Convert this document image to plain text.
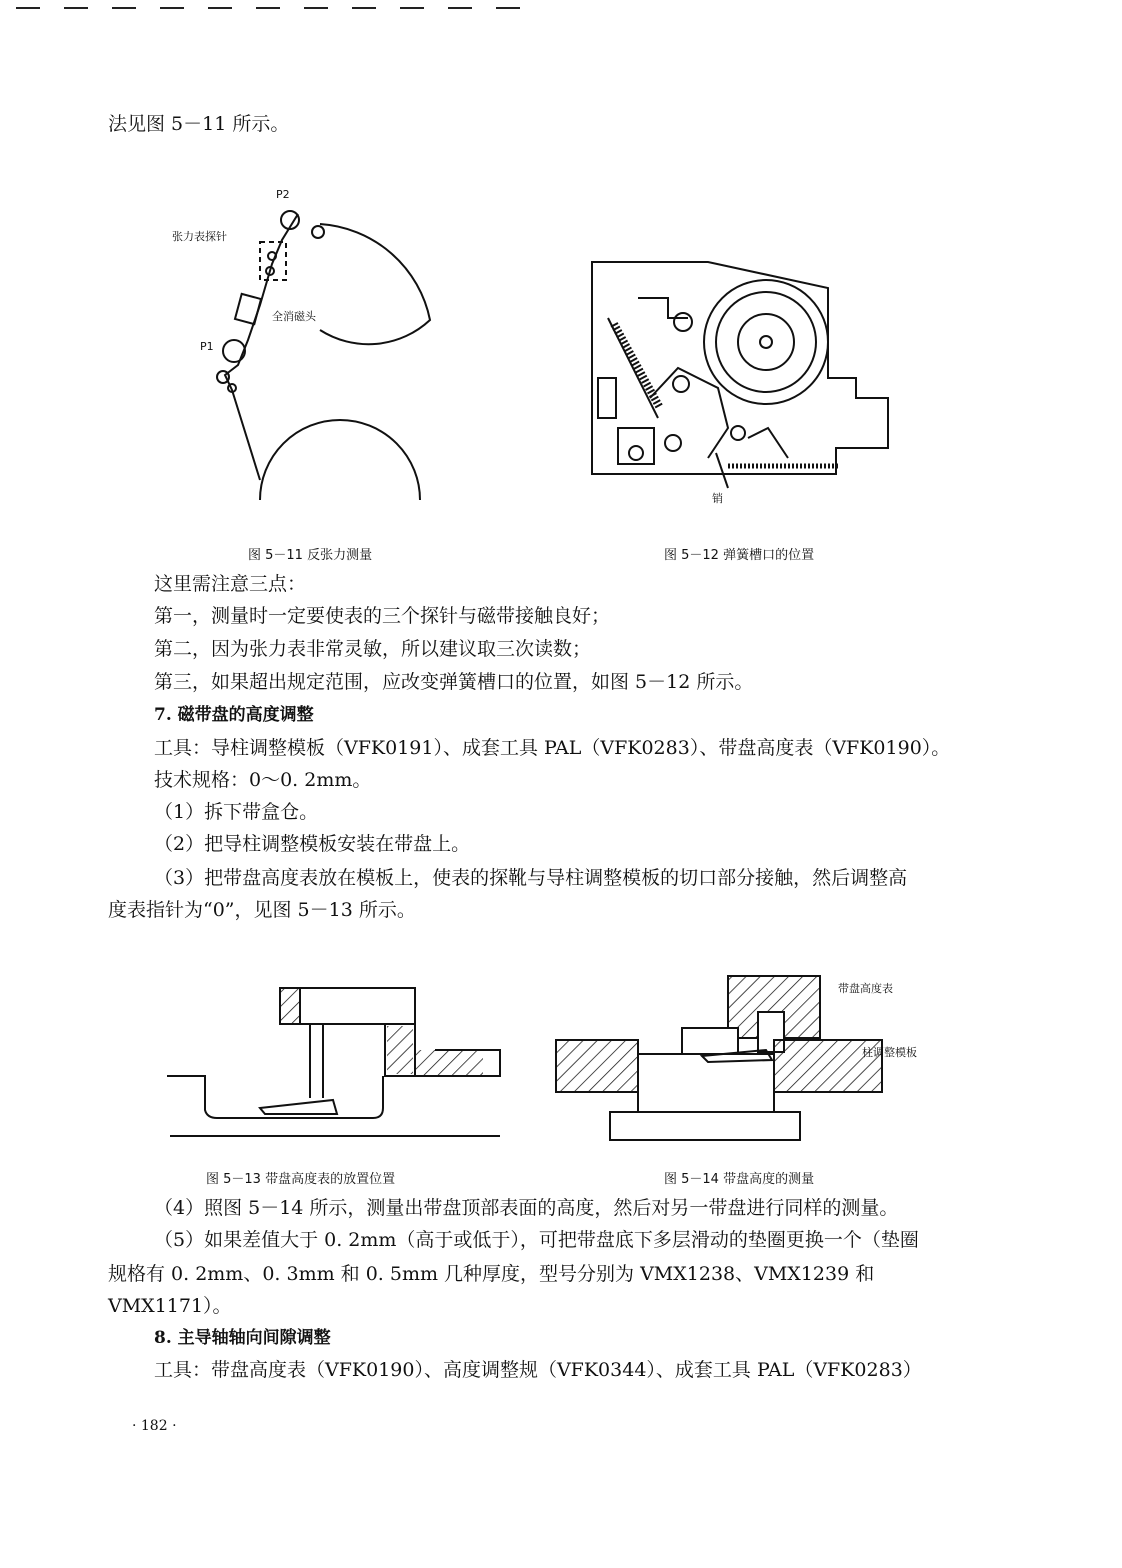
法见图 5－11 所示。
P2
张力表探针
全消磁头
P1
图 5－11 反张力测量
销
图 5－12 弹簧槽口的位置
这里需注意三点：
第一，测量时一定要使表的三个探针与磁带接触良好；
第二，因为张力表非常灵敏，所以建议取三次读数；
第三，如果超出规定范围，应改变弹簧槽口的位置，如图 5－12 所示。
7. 磁带盘的高度调整
工具：导柱调整模板（VFK0191）、成套工具 PAL（VFK0283）、带盘高度表（VFK0190）。
技术规格：0～0. 2mm。
（1）拆下带盒仓。
（2）把导柱调整模板安装在带盘上。
（3）把带盘高度表放在模板上，使表的探靴与导柱调整模板的切口部分接触，然后调整高
度表指针为“0”，见图 5－13 所示。
图 5－13 带盘高度表的放置位置
带盘高度表
柱调整模板
图 5－14 带盘高度的测量
（4）照图 5－14 所示，测量出带盘顶部表面的高度，然后对另一带盘进行同样的测量。
（5）如果差值大于 0. 2mm（高于或低于），可把带盘底下多层滑动的垫圈更换一个（垫圈
规格有 0. 2mm、0. 3mm 和 0. 5mm 几种厚度，型号分别为 VMX1238、VMX1239 和
VMX1171）。
8. 主导轴轴向间隙调整
工具：带盘高度表（VFK0190）、高度调整规（VFK0344）、成套工具 PAL（VFK0283）
· 182 ·
